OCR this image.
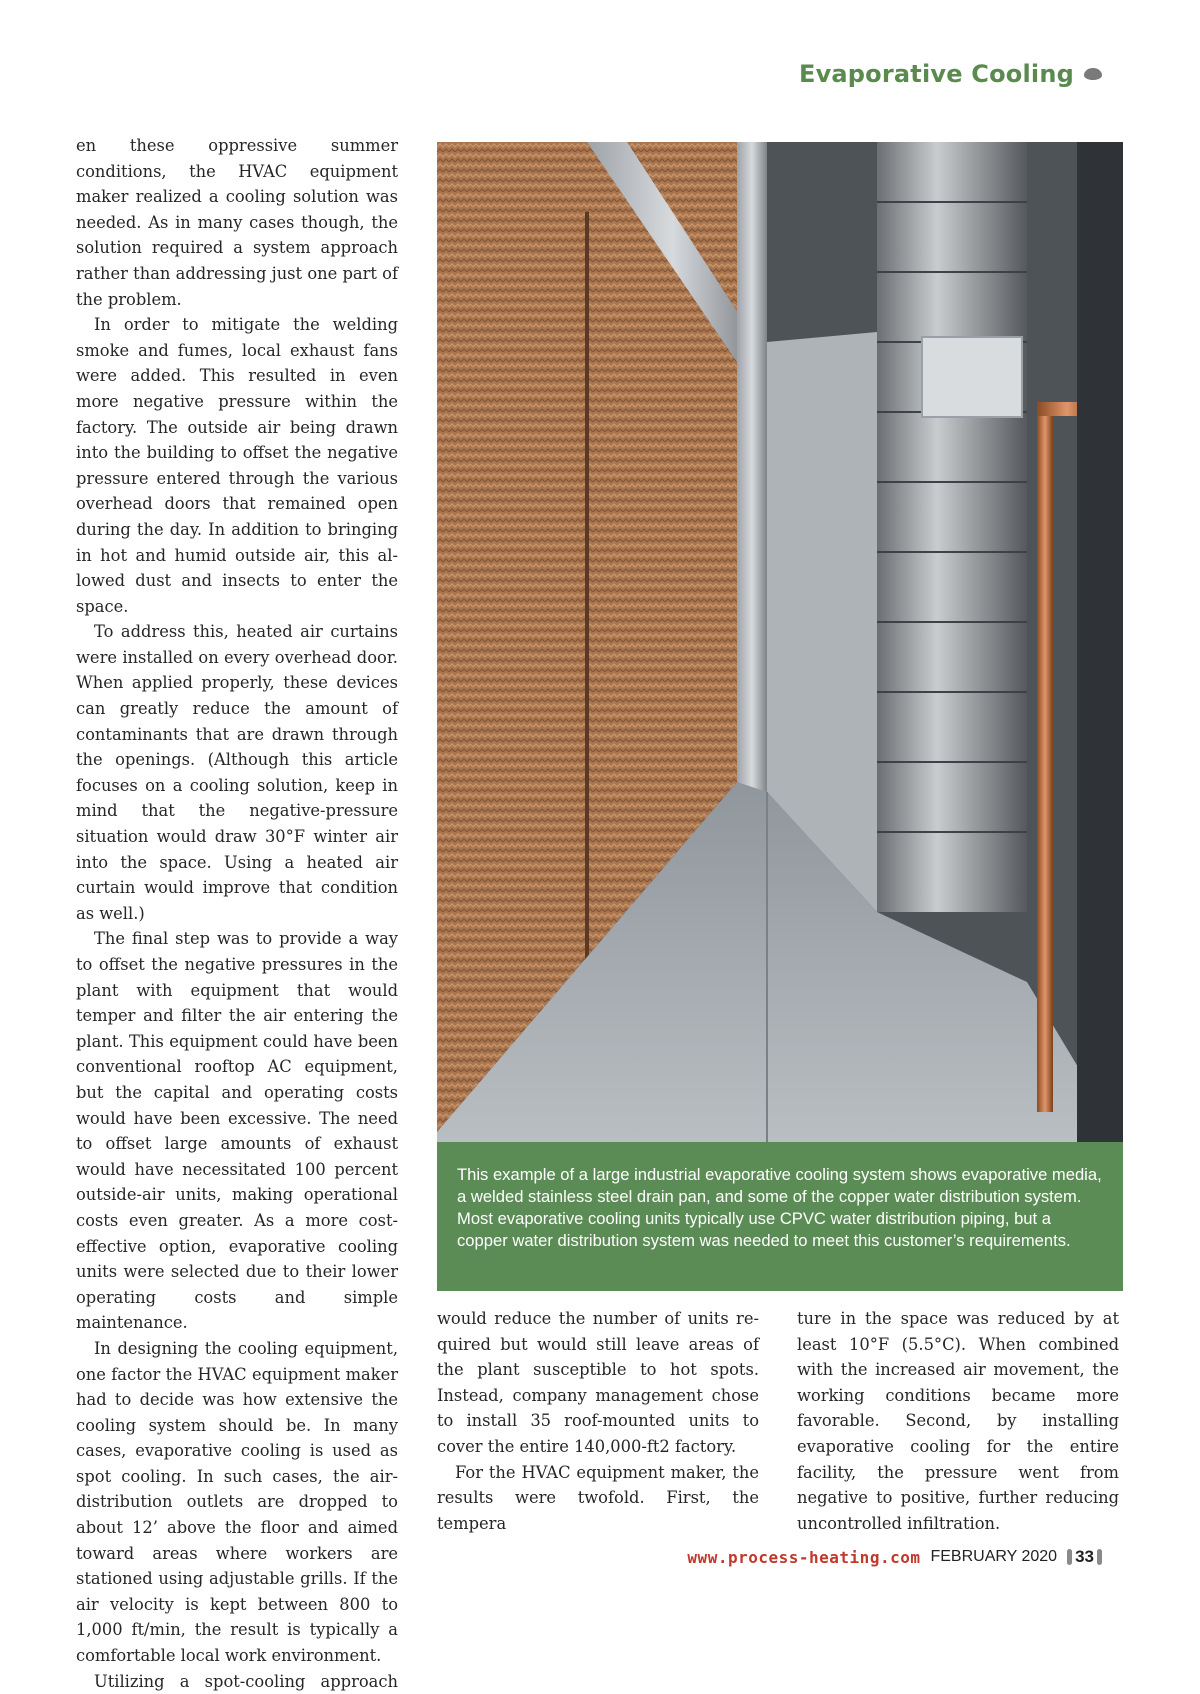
Evaporative Cooling

en these oppressive summer conditions, the HVAC equipment maker realized a cooling solution was needed. As in many cases though, the solution required a system approach rather than addressing just one part of the problem.

In order to mitigate the welding smoke and fumes, local exhaust fans were added. This resulted in even more negative pressure within the factory. The outside air being drawn into the building to offset the negative pressure entered through the various overhead doors that remained open during the day. In addition to bringing in hot and humid outside air, this allowed dust and insects to enter the space.

To address this, heated air curtains were installed on every overhead door. When applied properly, these devices can greatly reduce the amount of contaminants that are drawn through the openings. (Although this article focuses on a cooling solution, keep in mind that the negative-pressure situation would draw 30°F winter air into the space. Using a heated air curtain would improve that condition as well.)

The final step was to provide a way to offset the negative pressures in the plant with equipment that would temper and filter the air entering the plant. This equipment could have been conventional rooftop AC equipment, but the capital and operating costs would have been excessive. The need to offset large amounts of exhaust would have necessitated 100 percent outside-air units, making operational costs even greater. As a more cost-effective option, evaporative cooling units were selected due to their lower operating costs and simple maintenance.

In designing the cooling equipment, one factor the HVAC equipment maker had to decide was how extensive the cooling system should be. In many cases, evaporative cooling is used as spot cooling. In such cases, the air-distribution outlets are dropped to about 12’ above the floor and aimed toward areas where workers are stationed using adjustable grills. If the air velocity is kept between 800 to 1,000 ft/min, the result is typically a comfortable local work environment.

Utilizing a spot-cooling approach

This example of a large industrial evaporative cooling system shows evaporative media, a welded stainless steel drain pan, and some of the copper water distribution system. Most evaporative cooling units typically use CPVC water distribution piping, but a copper water distribution system was needed to meet this customer’s requirements.

would reduce the number of units required but would still leave areas of the plant susceptible to hot spots. Instead, company management chose to install 35 roof-mounted units to cover the entire 140,000-ft2 factory.

For the HVAC equipment maker, the results were twofold. First, the tempera

ture in the space was reduced by at least 10°F (5.5°C). When combined with the increased air movement, the working conditions became more favorable. Second, by installing evaporative cooling for the entire facility, the pressure went from negative to positive, further reducing uncontrolled infiltration.

www.process-heating.com FEBRUARY 2020 33
